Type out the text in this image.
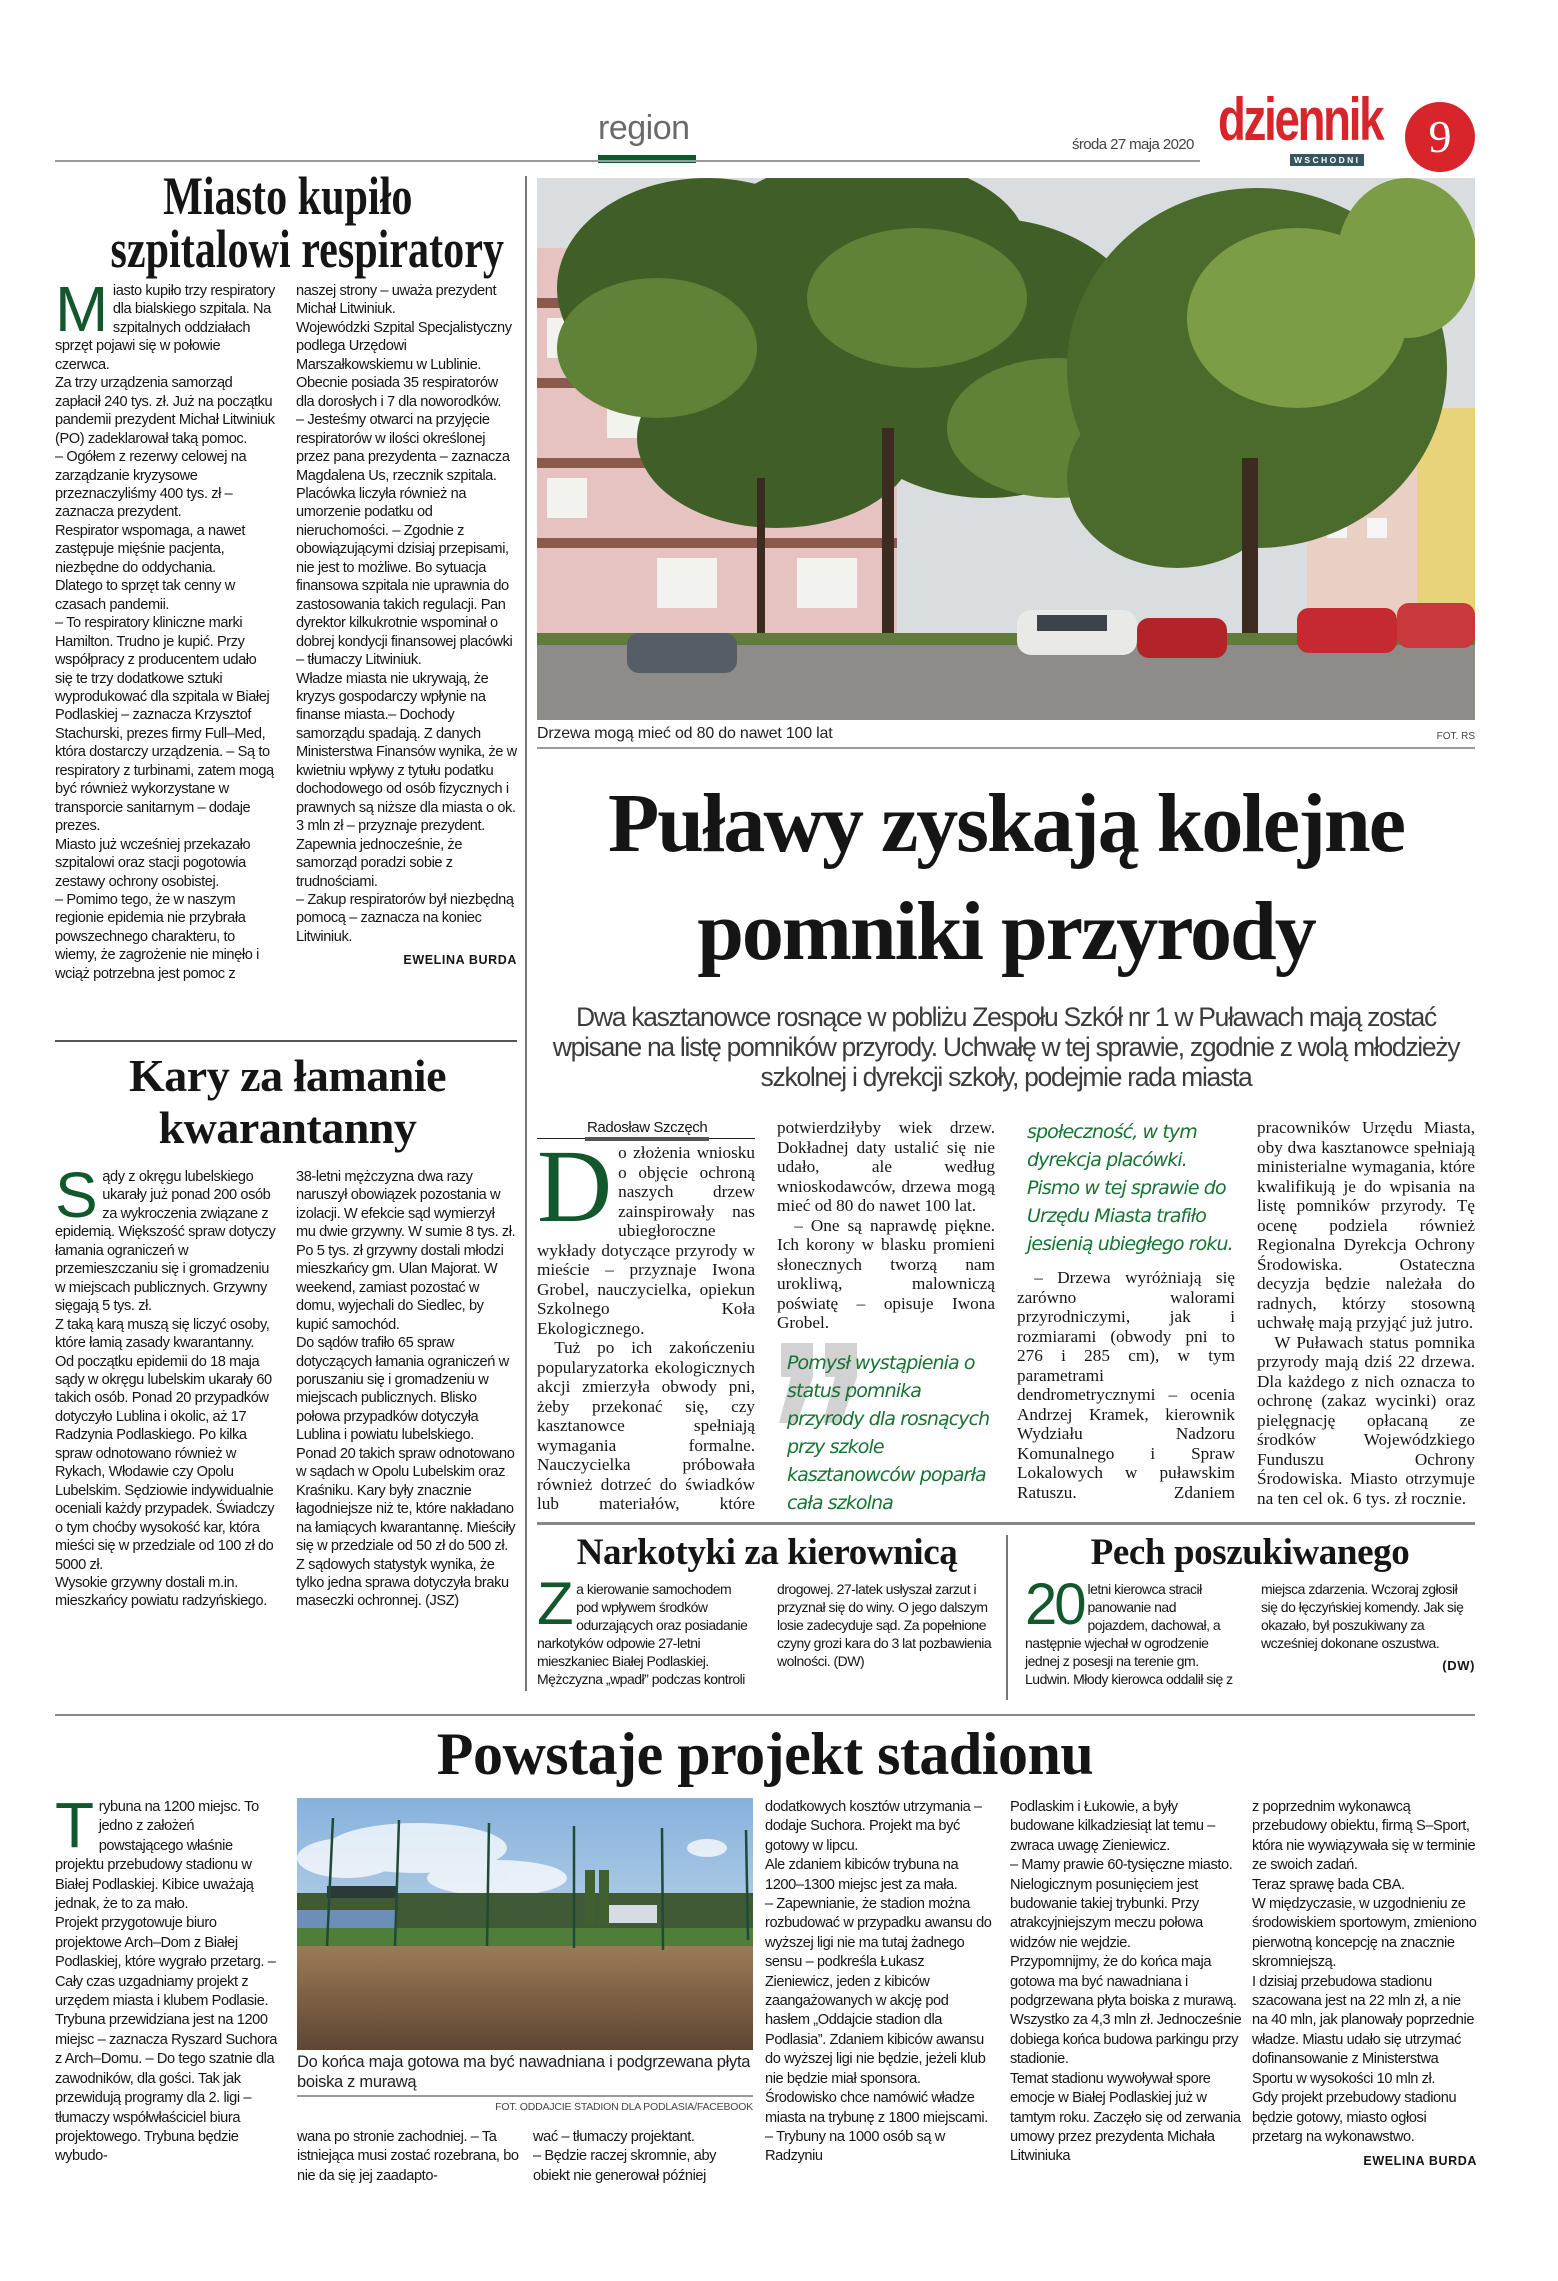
region	środa 27 maja 2020 dziennik
WSCHODNI	9
Miasto kupiło
szpitalowi respiratory

Miasto kupiło trzy respiratory dla bialskiego szpitala. Na szpitalnych oddziałach sprzęt pojawi się w połowie czerwca.

Za trzy urządzenia samorząd zapłacił 240 tys. zł. Już na początku pandemii prezydent Michał Litwiniuk (PO) zadeklarował taką pomoc.

– Ogółem z rezerwy celowej na zarządzanie kryzysowe przeznaczyliśmy 400 tys. zł – zaznacza prezydent.

Respirator wspomaga, a nawet zastępuje mięśnie pacjenta, niezbędne do oddychania.

Dlatego to sprzęt tak cenny w czasach pandemii.

– To respiratory kliniczne marki Hamilton. Trudno je kupić. Przy współpracy z producentem udało się te trzy dodatkowe sztuki wyprodukować dla szpitala w Białej Podlaskiej – zaznacza Krzysztof Stachurski, prezes firmy Full–Med, która dostarczy urządzenia. – Są to respiratory z turbinami, zatem mogą być również wykorzystane w transporcie sanitarnym – dodaje prezes.

Miasto już wcześniej przekazało szpitalowi oraz stacji pogotowia zestawy ochrony osobistej.

– Pomimo tego, że w naszym regionie epidemia nie przybrała powszechnego charakteru, to wiemy, że zagrożenie nie minęło i wciąż potrzebna jest pomoc z naszej strony – uważa prezydent Michał Litwiniuk.

Wojewódzki Szpital Specjalistyczny podlega Urzędowi Marszałkowskiemu w Lublinie. Obecnie posiada 35 respiratorów dla dorosłych i 7 dla noworodków.

– Jesteśmy otwarci na przyjęcie respiratorów w ilości określonej przez pana prezydenta – zaznacza Magdalena Us, rzecznik szpitala.

Placówka liczyła również na umorzenie podatku od nieruchomości. – Zgodnie z obowiązującymi dzisiaj przepisami, nie jest to możliwe. Bo sytuacja finansowa szpitala nie uprawnia do zastosowania takich regulacji. Pan dyrektor kilkukrotnie wspominał o dobrej kondycji finansowej placówki – tłumaczy Litwiniuk.

Władze miasta nie ukrywają, że kryzys gospodarczy wpłynie na finanse miasta.– Dochody samorządu spadają. Z danych Ministerstwa Finansów wynika, że w kwietniu wpływy z tytułu podatku dochodowego od osób fizycznych i prawnych są niższe dla miasta o ok. 3 mln zł – przyznaje prezydent. Zapewnia jednocześnie, że samorząd poradzi sobie z trudnościami.

– Zakup respiratorów był niezbędną pomocą – zaznacza na koniec Litwiniuk.

EWELINA BURDA
Kary za łamanie
kwarantanny

Sądy z okręgu lubelskiego ukarały już ponad 200 osób za wykroczenia związane z epidemią. Większość spraw dotyczy łamania ograniczeń w przemieszczaniu się i gromadzeniu w miejscach publicznych. Grzywny sięgają 5 tys. zł.

Z taką karą muszą się liczyć osoby, które łamią zasady kwarantanny. Od początku epidemii do 18 maja sądy w okręgu lubelskim ukarały 60 takich osób. Ponad 20 przypadków dotyczyło Lublina i okolic, aż 17 Radzynia Podlaskiego. Po kilka spraw odnotowano również w Rykach, Włodawie czy Opolu Lubelskim. Sędziowie indywidualnie oceniali każdy przypadek. Świadczy o tym choćby wysokość kar, która mieści się w przedziale od 100 zł do 5000 zł.

Wysokie grzywny dostali m.in. mieszkańcy powiatu radzyńskiego. 38-letni mężczyzna dwa razy naruszył obowiązek pozostania w izolacji. W efekcie sąd wymierzył mu dwie grzywny. W sumie 8 tys. zł.

Po 5 tys. zł grzywny dostali młodzi mieszkańcy gm. Ulan Majorat. W weekend, zamiast pozostać w domu, wyjechali do Siedlec, by kupić samochód.

Do sądów trafiło 65 spraw dotyczących łamania ograniczeń w poruszaniu się i gromadzeniu w miejscach publicznych. Blisko połowa przypadków dotyczyła Lublina i powiatu lubelskiego. Ponad 20 takich spraw odnotowano w sądach w Opolu Lubelskim oraz Kraśniku. Kary były znacznie łagodniejsze niż te, które nakładano na łamiących kwarantannę. Mieściły się w przedziale od 50 zł do 500 zł. Z sądowych statystyk wynika, że tylko jedna sprawa dotyczyła braku maseczki ochronnej. (JSZ)

Drzewa mogą mieć od 80 do nawet 100 lat	FOT. RS
Puławy zyskają kolejne
pomniki przyrody
Dwa kasztanowce rosnące w pobliżu Zespołu Szkół nr 1 w Puławach mają zostać wpisane na listę pomników przyrody. Uchwałę w tej sprawie, zgodnie z wolą młodzieży szkolnej i dyrekcji szkoły, podejmie rada miasta
Radosław Szczęch

Do złożenia wniosku o objęcie ochroną naszych drzew zainspirowały nas ubiegłoroczne wykłady dotyczące przyrody w mieście – przyznaje Iwona Grobel, nauczycielka, opiekun Szkolnego Koła Ekologicznego.

Tuż po ich zakończeniu popularyzatorka ekologicznych akcji zmierzyła obwody pni, żeby przekonać się, czy kasztanowce spełniają wymagania formalne. Nauczycielka próbowała również dotrzeć do świadków lub materiałów, które potwierdziłyby wiek drzew. Dokładnej daty ustalić się nie udało, ale według wnioskodawców, drzewa mogą mieć od 80 do nawet 100 lat.

– One są naprawdę piękne. Ich korony w blasku promieni słonecznych tworzą nam urokliwą, malowniczą poświatę – opisuje Iwona Grobel.

Pomysł wystąpienia o status pomnika przyrody dla rosnących przy szkole kasztanowców poparła cała szkolna społeczność, w tym dyrekcja placówki. Pismo w tej sprawie do Urzędu Miasta trafiło jesienią ubiegłego roku.

– Drzewa wyróżniają się zarówno walorami przyrodniczymi, jak i rozmiarami (obwody pni to 276 i 285 cm), w tym parametrami dendrometrycznymi – ocenia Andrzej Kramek, kierownik Wydziału Nadzoru Komunalnego i Spraw Lokalowych w puławskim Ratuszu. Zdaniem pracowników Urzędu Miasta, oby dwa kasztanowce spełniają ministerialne wymagania, które kwalifikują je do wpisania na listę pomników przyrody. Tę ocenę podziela również Regionalna Dyrekcja Ochrony Środowiska. Ostateczna decyzja będzie należała do radnych, którzy stosowną uchwałę mają przyjąć już jutro.

W Puławach status pomnika przyrody mają dziś 22 drzewa. Dla każdego z nich oznacza to ochronę (zakaz wycinki) oraz pielęgnację opłacaną ze środków Wojewódzkiego Funduszu Ochrony Środowiska. Miasto otrzymuje na ten cel ok. 6 tys. zł rocznie.

Narkotyki za kierownicą

Za kierowanie samochodem pod wpływem środków odurzających oraz posiadanie narkotyków odpowie 27-letni mieszkaniec Białej Podlaskiej. Mężczyzna „wpadł” podczas kontroli drogowej. 27-latek usłyszał zarzut i przyznał się do winy. O jego dalszym losie zadecyduje sąd. Za popełnione czyny grozi kara do 3 lat pozbawienia wolności. (DW)

Pech poszukiwanego

20 letni kierowca stracił panowanie nad pojazdem, dachował, a następnie wjechał w ogrodzenie jednej z posesji na terenie gm. Ludwin. Młody kierowca oddalił się z miejsca zdarzenia. Wczoraj zgłosił się do łęczyńskiej komendy. Jak się okazało, był poszukiwany za wcześniej dokonane oszustwa.

(DW)
Powstaje projekt stadionu

Trybuna na 1200 miejsc. To jedno z założeń powstającego właśnie projektu przebudowy stadionu w Białej Podlaskiej. Kibice uważają jednak, że to za mało.

Projekt przygotowuje biuro projektowe Arch–Dom z Białej Podlaskiej, które wygrało przetarg. – Cały czas uzgadniamy projekt z urzędem miasta i klubem Podlasie. Trybuna przewidziana jest na 1200 miejsc – zaznacza Ryszard Suchora z Arch–Domu. – Do tego szatnie dla zawodników, dla gości. Tak jak przewidują programy dla 2. ligi – tłumaczy współwłaściciel biura projektowego. Trybuna będzie wybudo-

Do końca maja gotowa ma być nawadniana i podgrzewana płyta boiska z murawą
FOT. ODDAJCIE STADION DLA PODLASIA/FACEBOOK

wana po stronie zachodniej. – Ta istniejąca musi zostać rozebrana, bo nie da się jej zaadapto-

wać – tłumaczy projektant.

– Będzie raczej skromnie, aby obiekt nie generował później

dodatkowych kosztów utrzymania – dodaje Suchora. Projekt ma być gotowy w lipcu.

Ale zdaniem kibiców trybuna na 1200–1300 miejsc jest za mała.

– Zapewnianie, że stadion można rozbudować w przypadku awansu do wyższej ligi nie ma tutaj żadnego sensu – podkreśla Łukasz Zieniewicz, jeden z kibiców zaangażowanych w akcję pod hasłem „Oddajcie stadion dla Podlasia”. Zdaniem kibiców awansu do wyższej ligi nie będzie, jeżeli klub nie będzie miał sponsora.

Środowisko chce namówić władze miasta na trybunę z 1800 miejscami. – Trybuny na 1000 osób są w Radzyniu

Podlaskim i Łukowie, a były budowane kilkadziesiąt lat temu – zwraca uwagę Zieniewicz.

– Mamy prawie 60-tysięczne miasto. Nielogicznym posunięciem jest budowanie takiej trybunki. Przy atrakcyjniejszym meczu połowa widzów nie wejdzie.

Przypomnijmy, że do końca maja gotowa ma być nawadniana i podgrzewana płyta boiska z murawą. Wszystko za 4,3 mln zł. Jednocześnie dobiega końca budowa parkingu przy stadionie.

Temat stadionu wywoływał spore emocje w Białej Podlaskiej już w tamtym roku. Zaczęło się od zerwania umowy przez prezydenta Michała Litwiniuka

z poprzednim wykonawcą przebudowy obiektu, firmą S–Sport, która nie wywiązywała się w terminie ze swoich zadań.

Teraz sprawę bada CBA.

W międzyczasie, w uzgodnieniu ze środowiskiem sportowym, zmieniono pierwotną koncepcję na znacznie skromniejszą.

I dzisiaj przebudowa stadionu szacowana jest na 22 mln zł, a nie na 40 mln, jak planowały poprzednie władze. Miastu udało się utrzymać dofinansowanie z Ministerstwa Sportu w wysokości 10 mln zł.

Gdy projekt przebudowy stadionu będzie gotowy, miasto ogłosi przetarg na wykonawstwo.

EWELINA BURDA
